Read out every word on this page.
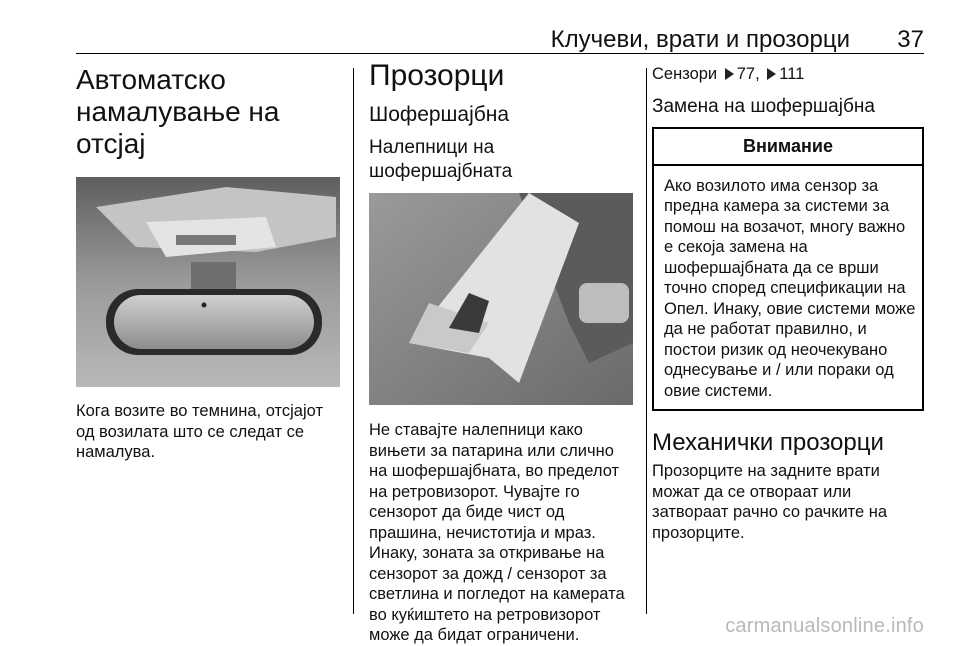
Клучеви, врати и прозорци 37
Автоматско намалување на отсјај
Кога возите во темнина, отсјајот од возилата што се следат се намалува.
Прозорци
Шофершајбна
Налепници на шофершајбната
Не ставајте налепници како вињети за патарина или слично на шофершајбната, во пределот на ретровизорот. Чувајте го сензорот да биде чист од прашина, нечистотија и мраз. Инаку, зоната за откривање на сензорот за дожд / сензорот за светлина и погледот на камерата во куќиштето на ретровизорот може да бидат ограничени.
Сензори 77, 111
Замена на шофершајбна
Внимание
Ако возилото има сензор за предна камера за системи за помош на возачот, многу важно е секоја замена на шофершајбната да се врши точно според спецификации на Опел. Инаку, овие системи може да не работат правилно, и постои ризик од неочекувано однесување и / или пораки од овие системи.
Механички прозорци
Прозорците на задните врати можат да се отвораат или затвораат рачно со рачките на прозорците.
carmanualsonline.info
